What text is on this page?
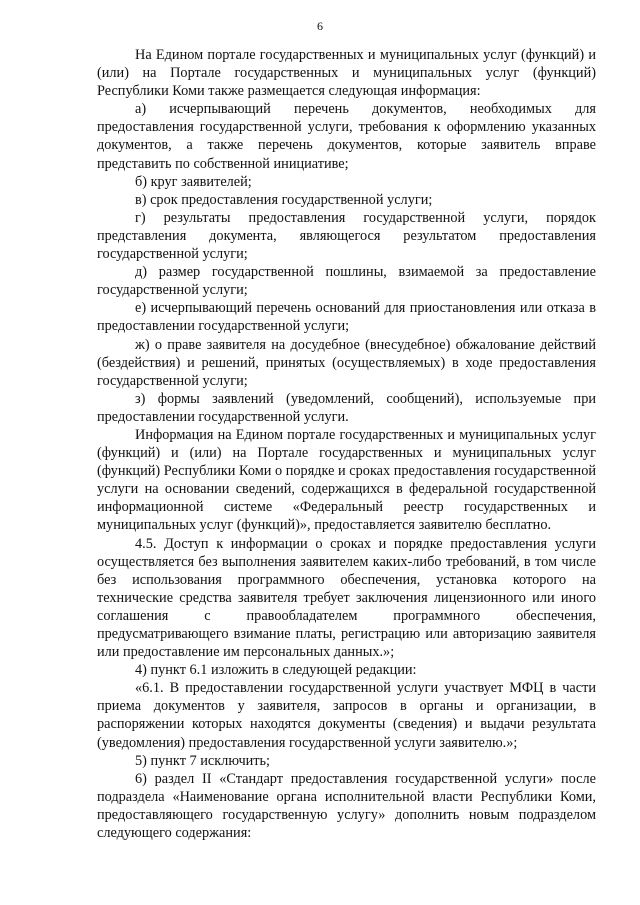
6

На Едином портале государственных и муниципальных услуг (функций) и (или) на Портале государственных и муниципальных услуг (функций) Республики Коми также размещается следующая информация:

а) исчерпывающий перечень документов, необходимых для предоставления государственной услуги, требования к оформлению указанных документов, а также перечень документов, которые заявитель вправе представить по собственной инициативе;

б) круг заявителей;

в) срок предоставления государственной услуги;

г) результаты предоставления государственной услуги, порядок представления документа, являющегося результатом предоставления государственной услуги;

д) размер государственной пошлины, взимаемой за предоставление государственной услуги;

е) исчерпывающий перечень оснований для приостановления или отказа в предоставлении государственной услуги;

ж) о праве заявителя на досудебное (внесудебное) обжалование действий (бездействия) и решений, принятых (осуществляемых) в ходе предоставления государственной услуги;

з) формы заявлений (уведомлений, сообщений), используемые при предоставлении государственной услуги.

Информация на Едином портале государственных и муниципальных услуг (функций) и (или) на Портале государственных и муниципальных услуг (функций) Республики Коми о порядке и сроках предоставления государственной услуги на основании сведений, содержащихся в федеральной государственной информационной системе «Федеральный реестр государственных и муниципальных услуг (функций)», предоставляется заявителю бесплатно.

4.5. Доступ к информации о сроках и порядке предоставления услуги осуществляется без выполнения заявителем каких-либо требований, в том числе без использования программного обеспечения, установка которого на технические средства заявителя требует заключения лицензионного или иного соглашения с правообладателем программного обеспечения, предусматривающего взимание платы, регистрацию или авторизацию заявителя или предоставление им персональных данных.»;

4) пункт 6.1 изложить в следующей редакции:

«6.1. В предоставлении государственной услуги участвует МФЦ в части приема документов у заявителя, запросов в органы и организации, в распоряжении которых находятся документы (сведения) и выдачи результата (уведомления) предоставления государственной услуги заявителю.»;

5) пункт 7 исключить;

6) раздел II «Стандарт предоставления государственной услуги» после подраздела «Наименование органа исполнительной власти Республики Коми, предоставляющего государственную услугу» дополнить новым подразделом следующего содержания:
